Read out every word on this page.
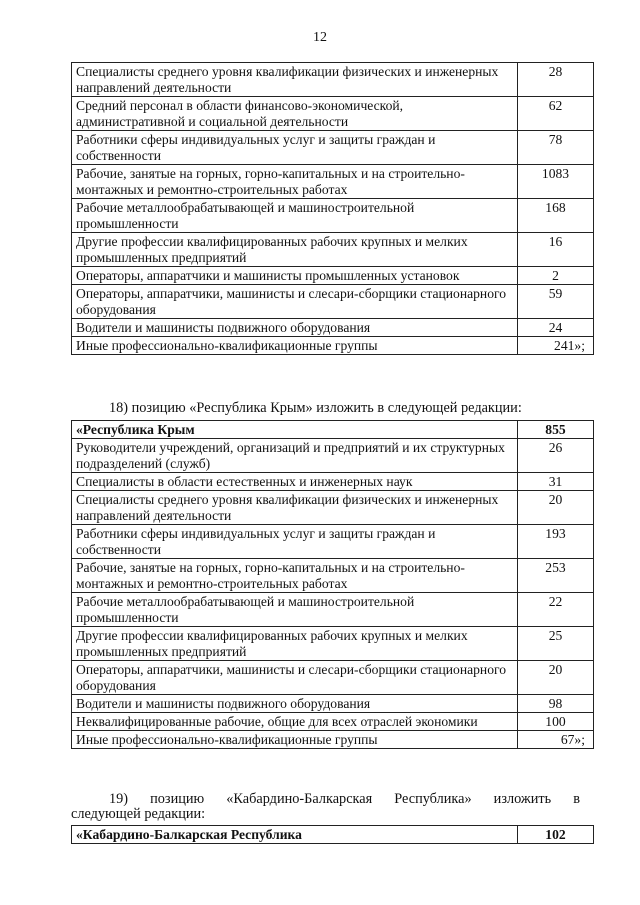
12
Специалисты среднего уровня квалификации физических и инженерных направлений деятельности	28
Средний персонал в области финансово-экономической, административной и социальной деятельности	62
Работники сферы индивидуальных услуг и защиты граждан и собственности	78
Рабочие, занятые на горных, горно-капитальных и на строительно-монтажных и ремонтно-строительных работах	1083
Рабочие металлообрабатывающей и машиностроительной промышленности	168
Другие профессии квалифицированных рабочих крупных и мелких промышленных предприятий	16
Операторы, аппаратчики и машинисты промышленных установок	2
Операторы, аппаратчики, машинисты и слесари-сборщики стационарного оборудования	59
Водители и машинисты подвижного оборудования	24
Иные профессионально-квалификационные группы	241»;
18) позицию «Республика Крым» изложить в следующей редакции:
«Республика Крым	855
Руководители учреждений, организаций и предприятий и их структурных подразделений (служб)	26
Специалисты в области естественных и инженерных наук	31
Специалисты среднего уровня квалификации физических и инженерных направлений деятельности	20
Работники сферы индивидуальных услуг и защиты граждан и собственности	193
Рабочие, занятые на горных, горно-капитальных и на строительно-монтажных и ремонтно-строительных работах	253
Рабочие металлообрабатывающей и машиностроительной промышленности	22
Другие профессии квалифицированных рабочих крупных и мелких промышленных предприятий	25
Операторы, аппаратчики, машинисты и слесари-сборщики стационарного оборудования	20
Водители и машинисты подвижного оборудования	98
Неквалифицированные рабочие, общие для всех отраслей экономики	100
Иные профессионально-квалификационные группы	67»;
19) позицию «Кабардино-Балкарская Республика» изложить в
следующей редакции:
«Кабардино-Балкарская Республика	102
